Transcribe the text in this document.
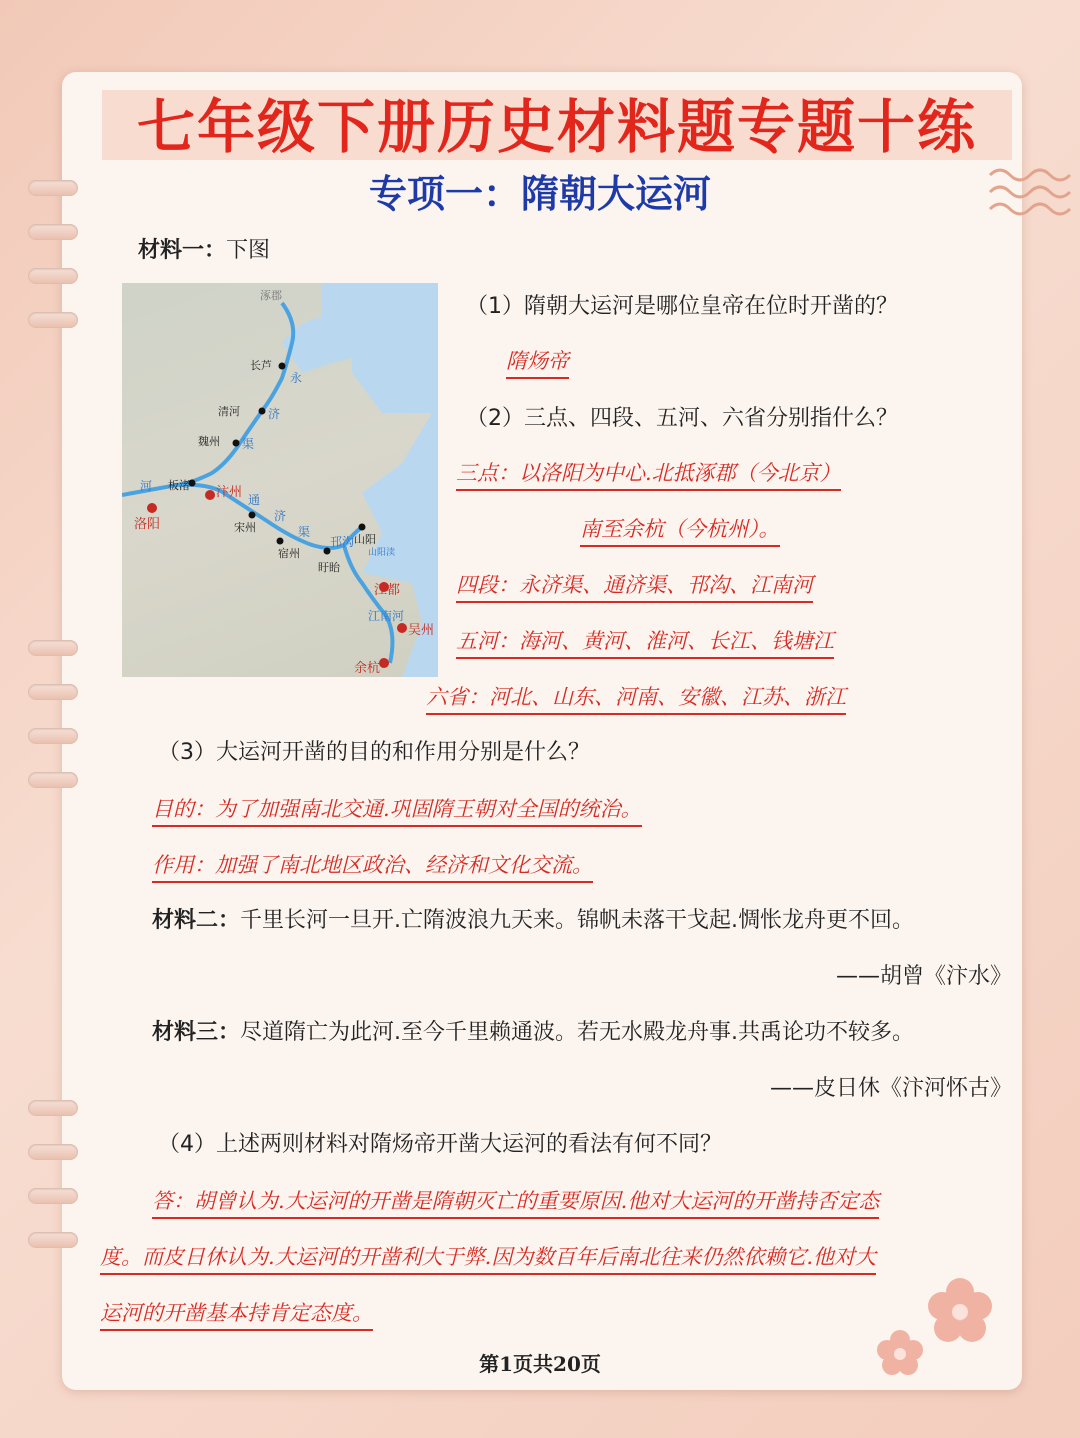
七年级下册历史材料题专题十练
专项一：隋朝大运河
材料一：下图
涿郡
长芦
永
清河 济
魏州 渠
河 板渚 汴州
洛阳
通
济
渠
宋州
宿州
盱眙
山阳
邗沟
山阳渎
江都
江南河
吴州
余杭
（1）隋朝大运河是哪位皇帝在位时开凿的？
隋炀帝
（2）三点、四段、五河、六省分别指什么？
三点：以洛阳为中心.北抵涿郡（今北京）
南至余杭（今杭州）。
四段：永济渠、通济渠、邗沟、江南河
五河：海河、黄河、淮河、长江、钱塘江
六省：河北、山东、河南、安徽、江苏、浙江
（3）大运河开凿的目的和作用分别是什么？
目的：为了加强南北交通.巩固隋王朝对全国的统治。
作用：加强了南北地区政治、经济和文化交流。
材料二：千里长河一旦开.亡隋波浪九天来。锦帆未落干戈起.惆怅龙舟更不回。
——胡曾《汴水》
材料三：尽道隋亡为此河.至今千里赖通波。若无水殿龙舟事.共禹论功不较多。
——皮日休《汴河怀古》
（4）上述两则材料对隋炀帝开凿大运河的看法有何不同？
答：胡曾认为.大运河的开凿是隋朝灭亡的重要原因.他对大运河的开凿持否定态
度。而皮日休认为.大运河的开凿利大于弊.因为数百年后南北往来仍然依赖它.他对大
运河的开凿基本持肯定态度。
第1页共20页
